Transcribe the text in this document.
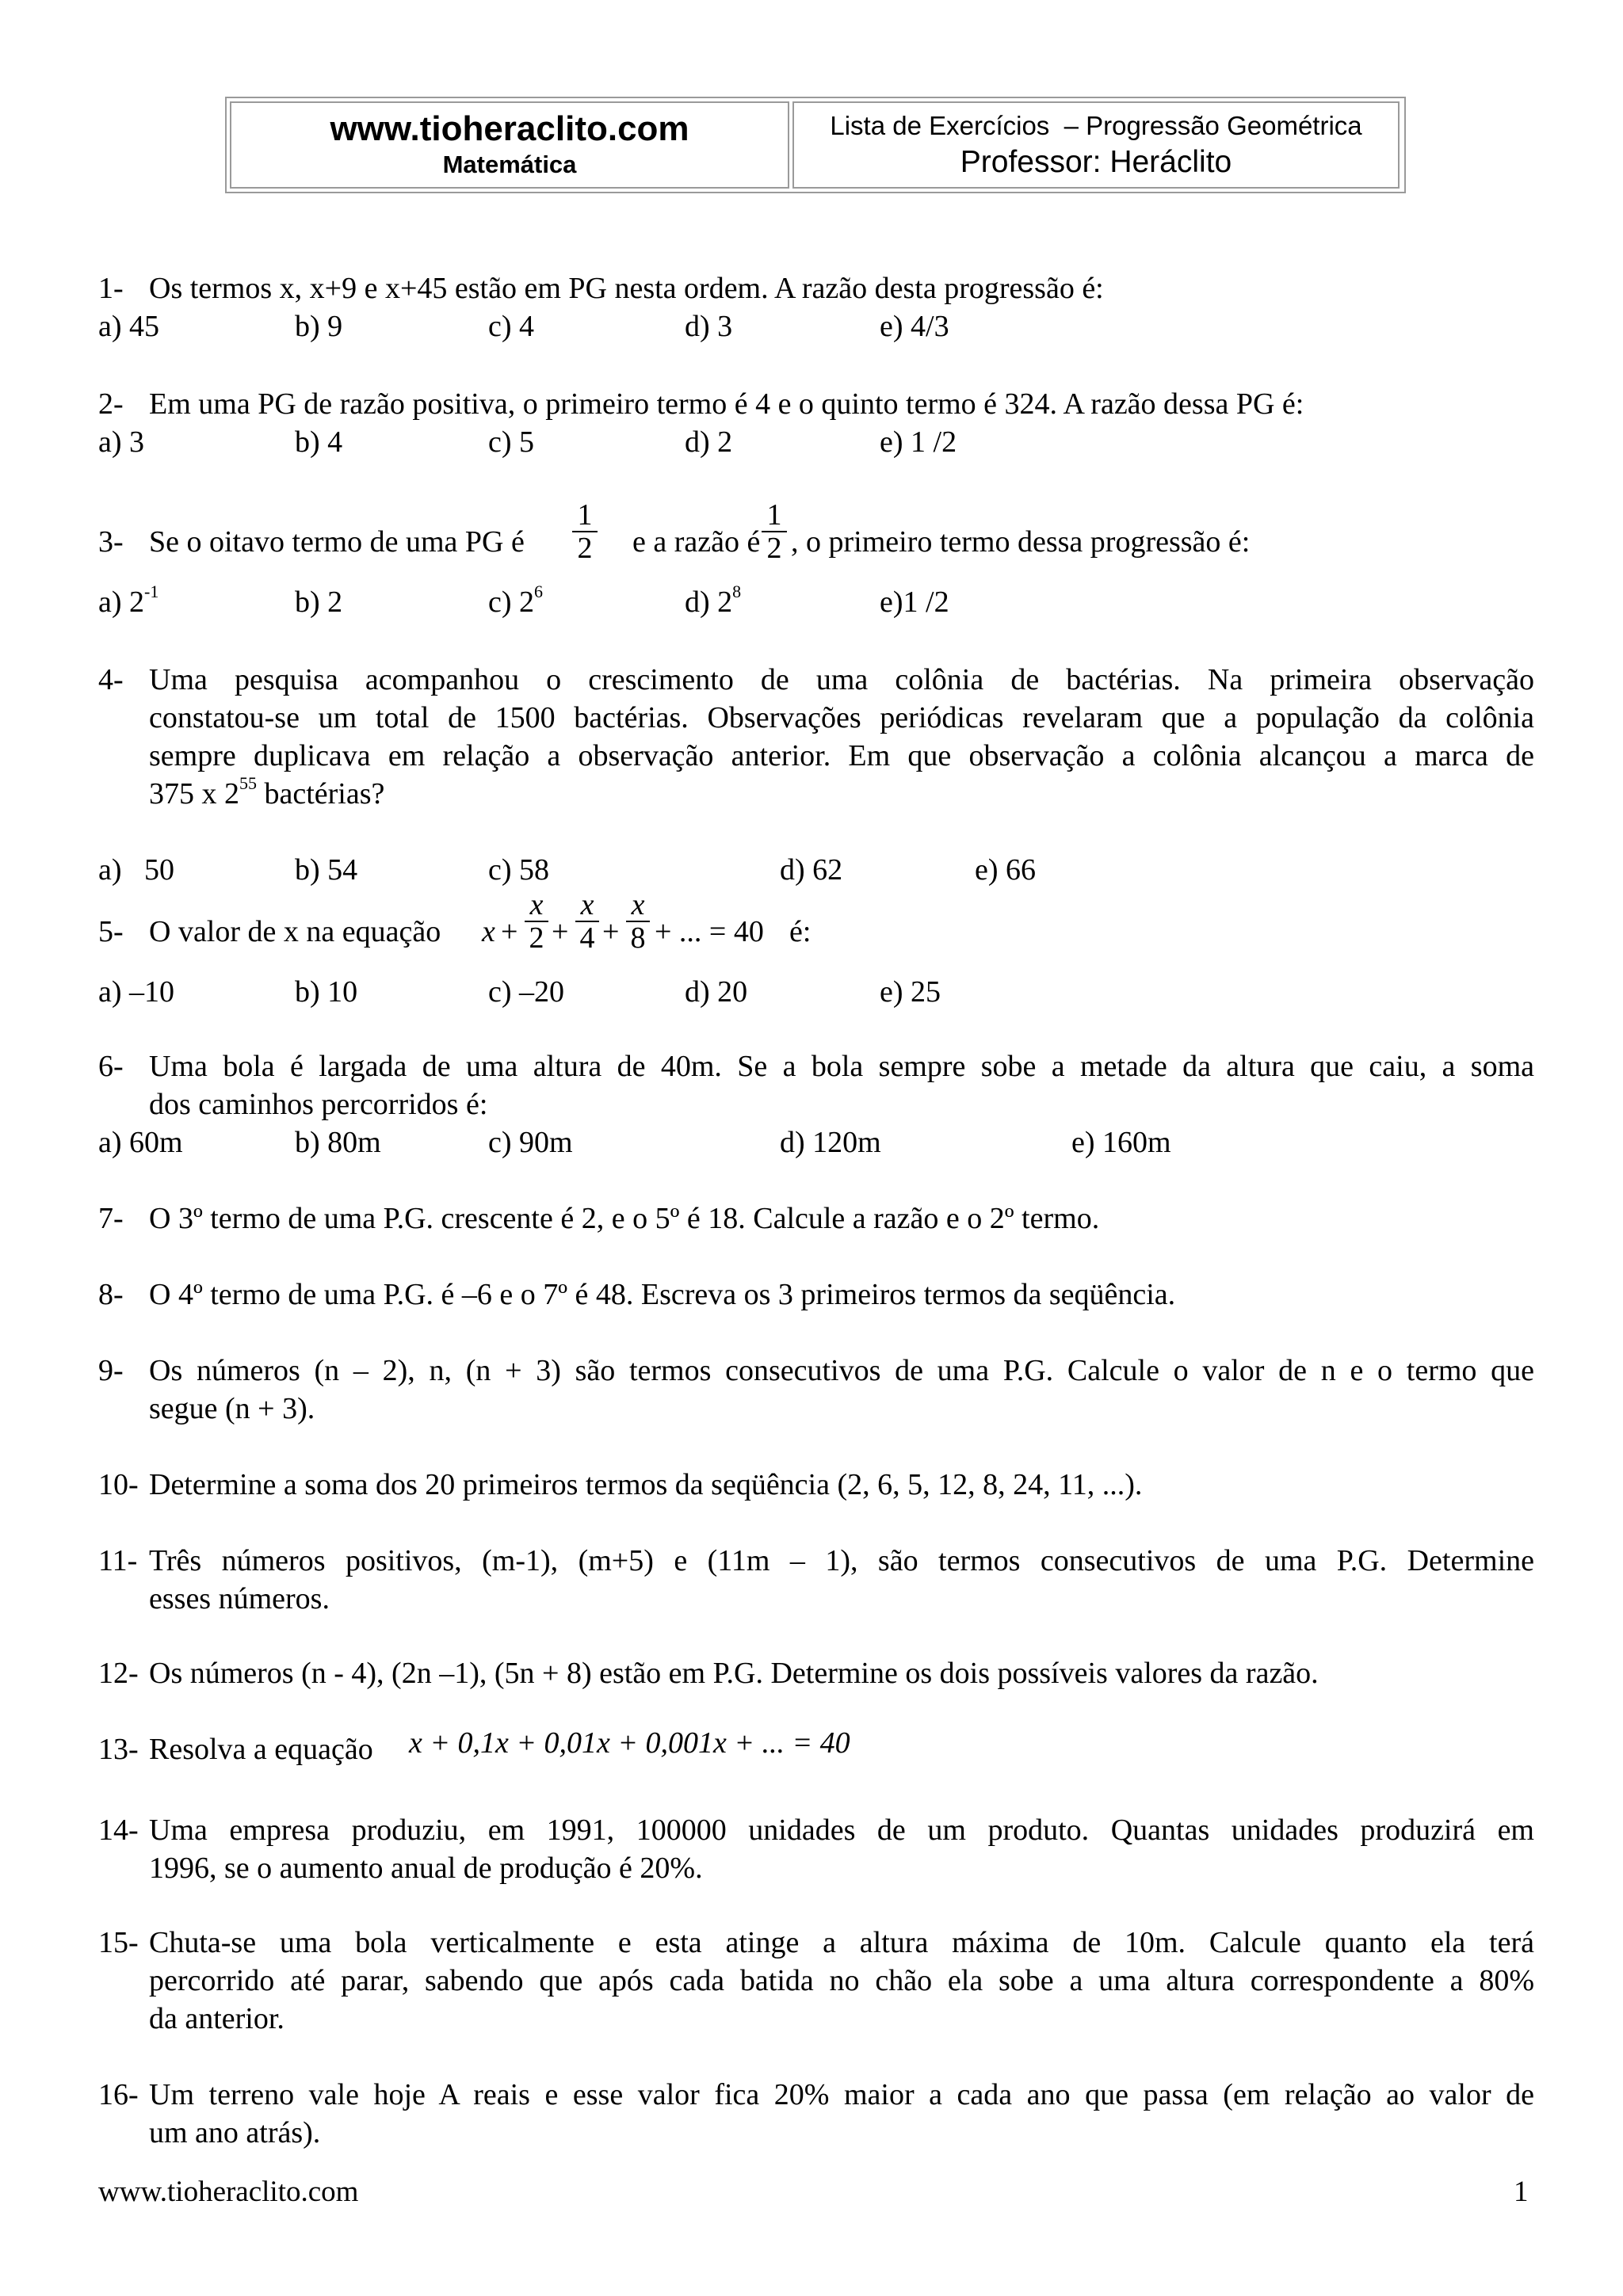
www.tioheraclito.com
Matemática
Lista de Exercícios  – Progressão Geométrica
Professor: Heráclito
1- Os termos x, x+9 e x+45 estão em PG nesta ordem. A razão desta progressão é:
a) 45	b) 9	c) 4	d) 3	e) 4/3
2- Em uma PG de razão positiva, o primeiro termo é 4 e o quinto termo é 324. A razão dessa PG é:
a) 3	b) 4	c) 5	d) 2	e) 1 /2
3- Se o oitavo termo de uma PG é
1
2 e a razão é
1
2 , o primeiro termo dessa progressão é:
a) $2^{-1}$	b) 2	c) $2^6$	d) $2^8$	e)1 /2
4- Uma pesquisa acompanhou o crescimento de uma colônia de bactérias. Na primeira observação
constatou-se um total de 1500 bactérias. Observações periódicas revelaram que a população da colônia
sempre duplicava em relação a observação anterior. Em que observação a colônia alcançou a marca de
375 x $2^{55}$ bactérias?
a)   50	b) 54	c) 58	d) 62	e) 66
5- O valor de x na equação x +
x
2 +
x
4 +
x
8 + ... = 40 é:
a) –10	b) 10	c) –20	d) 20	e) 25
6- Uma bola é largada de uma altura de 40m. Se a bola sempre sobe a metade da altura que caiu, a soma
dos caminhos percorridos é:
a) 60m	b) 80m	c) 90m	d) 120m	e) 160m
7- O 3º termo de uma P.G. crescente é 2, e o 5º é 18. Calcule a razão e o 2º termo.
8- O 4º termo de uma P.G. é –6 e o 7º é 48. Escreva os 3 primeiros termos da seqüência.
9- Os números (n – 2), n, (n + 3) são termos consecutivos de uma P.G. Calcule o valor de n e o termo que
segue (n + 3).
10- Determine a soma dos 20 primeiros termos da seqüência (2, 6, 5, 12, 8, 24, 11, ...).
11- Três números positivos, (m-1), (m+5) e (11m – 1), são termos consecutivos de uma P.G. Determine
esses números.
12- Os números (n - 4), (2n –1), (5n + 8) estão em P.G. Determine os dois possíveis valores da razão.
13- Resolva a equação x + 0,1x + 0,01x + 0,001x + ... = 40
14- Uma empresa produziu, em 1991, 100000 unidades de um produto. Quantas unidades produzirá em
1996, se o aumento anual de produção é 20%.
15- Chuta-se uma bola verticalmente e esta atinge a altura máxima de 10m. Calcule quanto ela terá
percorrido até parar, sabendo que após cada batida no chão ela sobe a uma altura correspondente a 80%
da anterior.
16- Um terreno vale hoje A reais e esse valor fica 20% maior a cada ano que passa (em relação ao valor de
um ano atrás).
www.tioheraclito.com	1
